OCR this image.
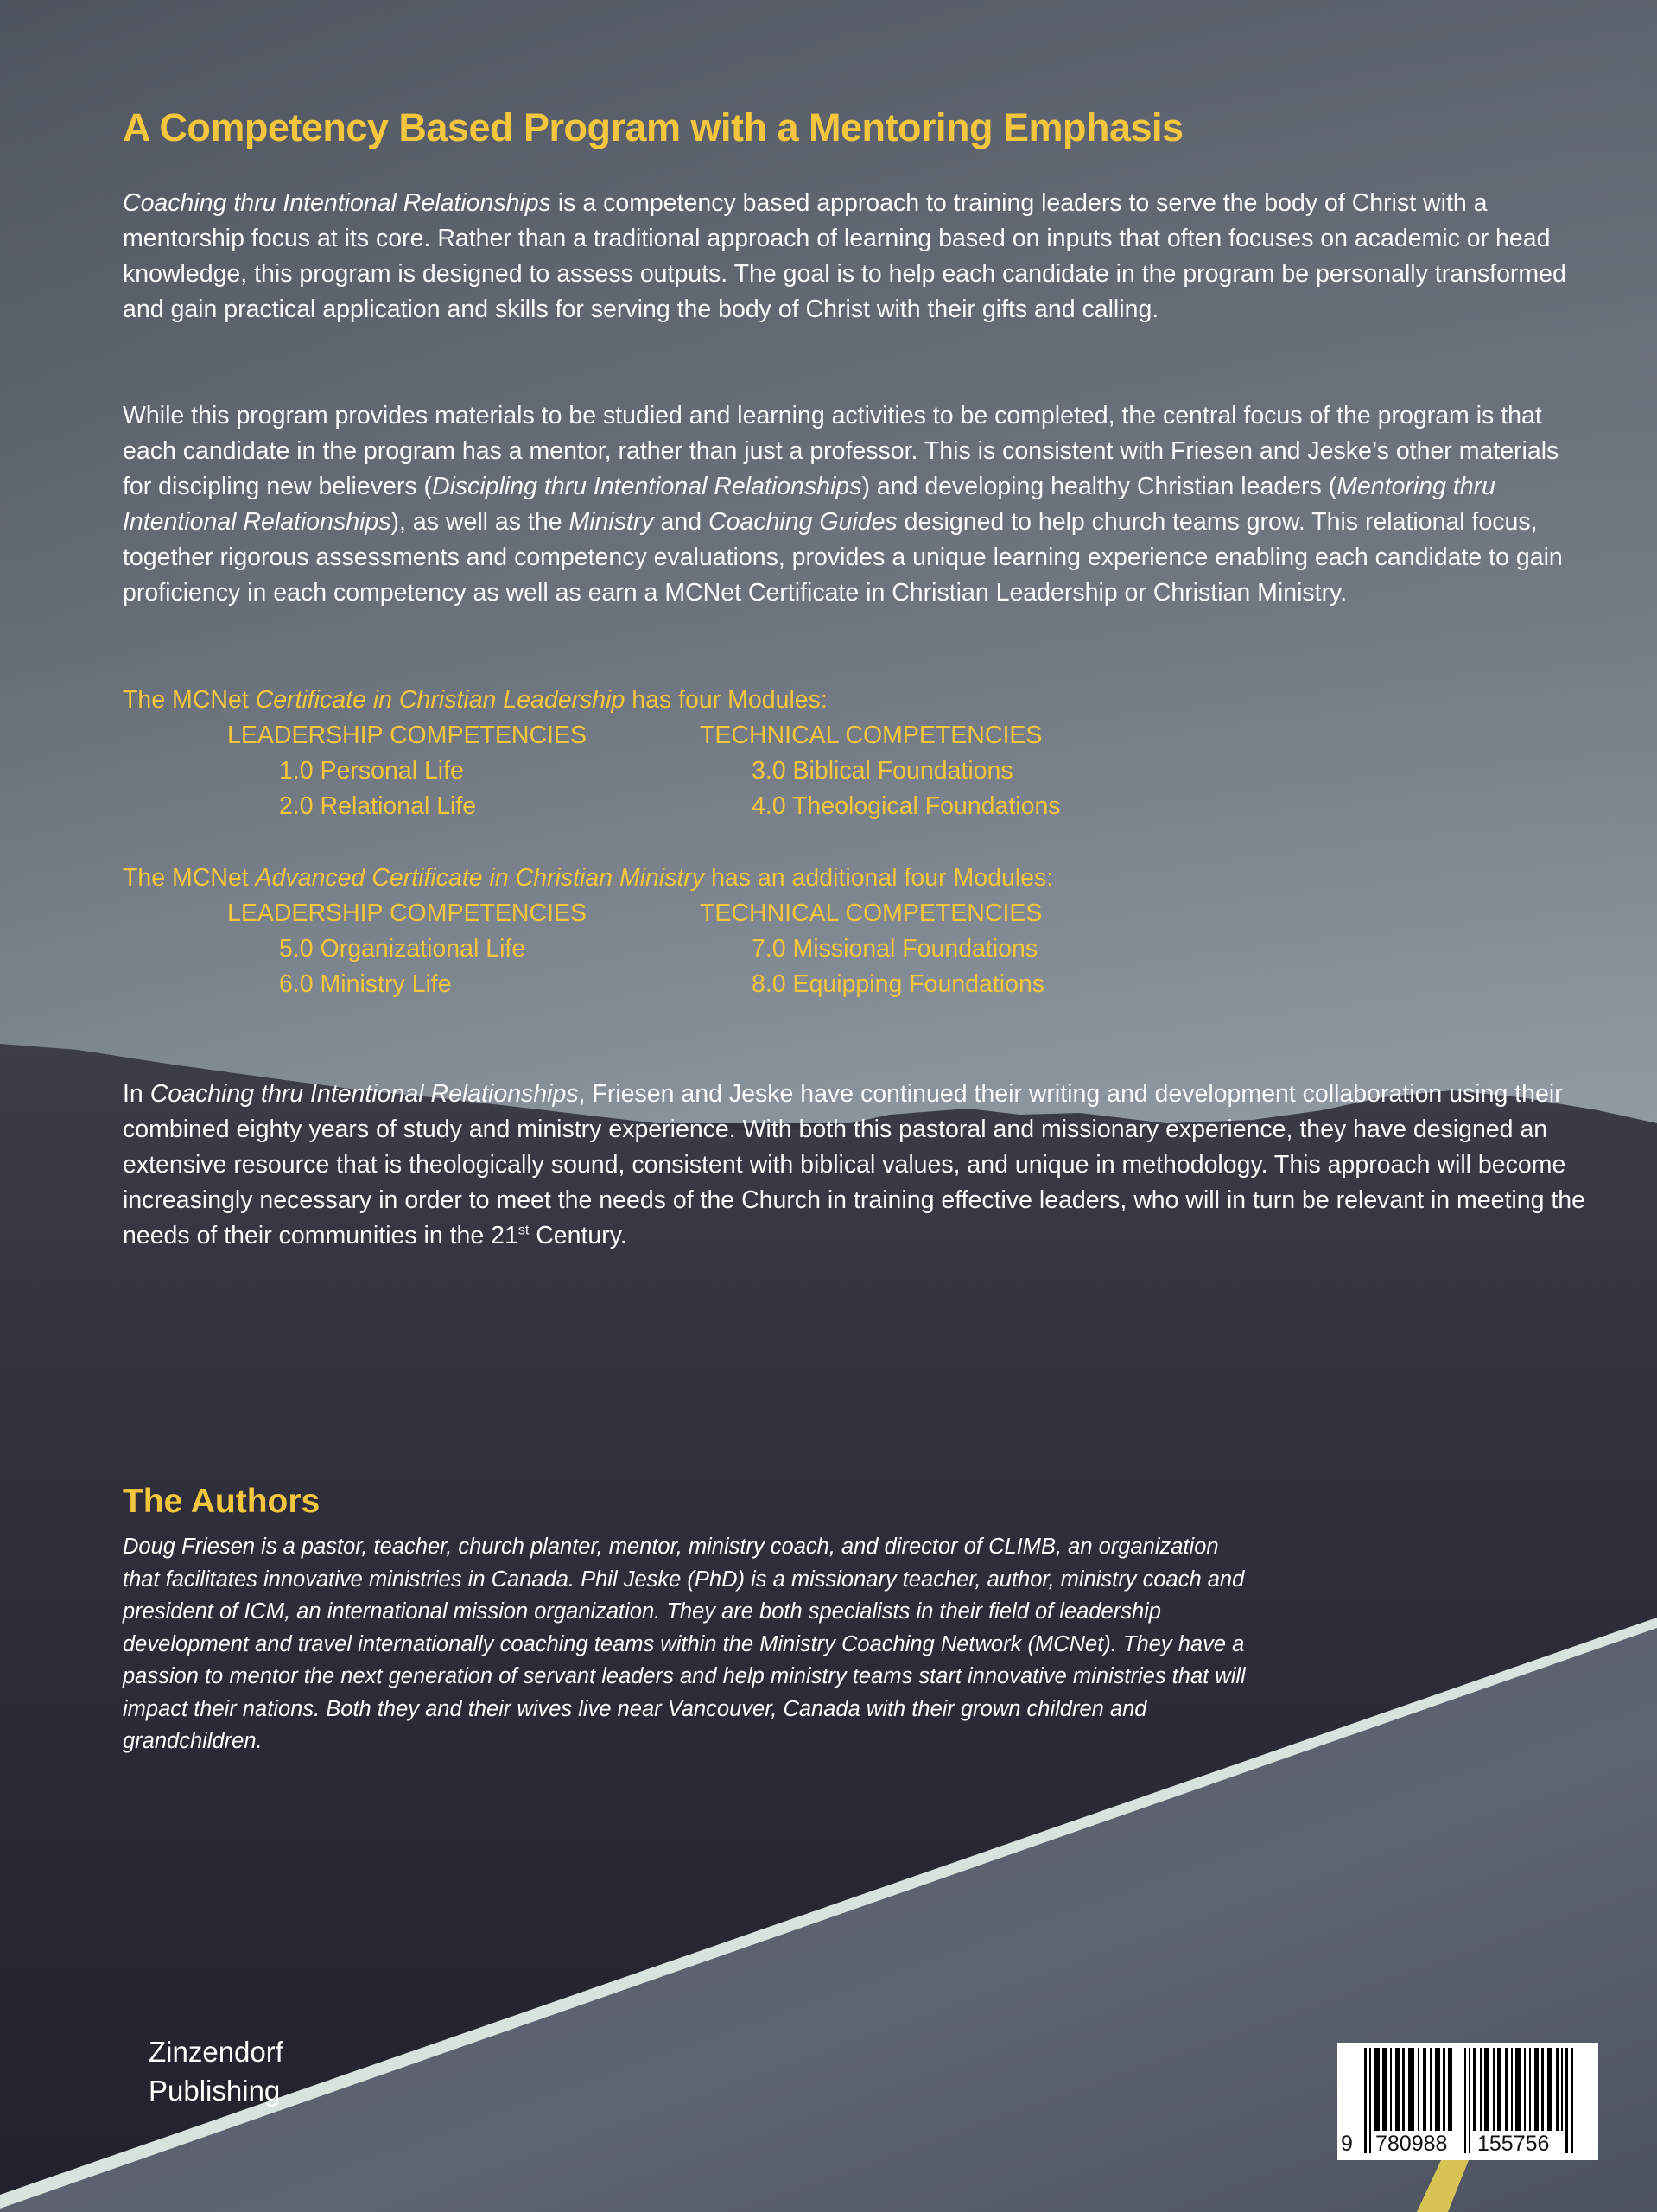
A Competency Based Program with a Mentoring Emphasis

Coaching thru Intentional Relationships is a competency based approach to training leaders to serve the body of Christ with a mentorship focus at its core. Rather than a traditional approach of learning based on inputs that often focuses on academic or head knowledge, this program is designed to assess outputs. The goal is to help each candidate in the program be personally transformed and gain practical application and skills for serving the body of Christ with their gifts and calling.

While this program provides materials to be studied and learning activities to be completed, the central focus of the program is that each candidate in the program has a mentor, rather than just a professor. This is consistent with Friesen and Jeske’s other materials for discipling new believers (Discipling thru Intentional Relationships) and developing healthy Christian leaders (Mentoring thru Intentional Relationships), as well as the Ministry and Coaching Guides designed to help church teams grow. This relational focus, together rigorous assessments and competency evaluations, provides a unique learning experience enabling each candidate to gain proficiency in each competency as well as earn a MCNet Certificate in Christian Leadership or Christian Ministry.

The MCNet Certificate in Christian Leadership has four Modules:
LEADERSHIP COMPETENCIES	TECHNICAL COMPETENCIES
1.0 Personal Life	3.0 Biblical Foundations
2.0 Relational Life	4.0 Theological Foundations
The MCNet Advanced Certificate in Christian Ministry has an additional four Modules:
LEADERSHIP COMPETENCIES	TECHNICAL COMPETENCIES
5.0 Organizational Life	7.0 Missional Foundations
6.0 Ministry Life	8.0 Equipping Foundations

In Coaching thru Intentional Relationships, Friesen and Jeske have continued their writing and development collaboration using their combined eighty years of study and ministry experience. With both this pastoral and missionary experience, they have designed an extensive resource that is theologically sound, consistent with biblical values, and unique in methodology. This approach will become increasingly necessary in order to meet the needs of the Church in training effective leaders, who will in turn be relevant in meeting the needs of their communities in the 21st Century.

The Authors

Doug Friesen is a pastor, teacher, church planter, mentor, ministry coach, and director of CLIMB, an organization that facilitates innovative ministries in Canada. Phil Jeske (PhD) is a missionary teacher, author, ministry coach and president of ICM, an international mission organization. They are both specialists in their field of leadership development and travel internationally coaching teams within the Ministry Coaching Network (MCNet). They have a passion to mentor the next generation of servant leaders and help ministry teams start innovative ministries that will impact their nations. Both they and their wives live near Vancouver, Canada with their grown children and grandchildren.

Zinzendorf
Publishing
9 780988 155756
